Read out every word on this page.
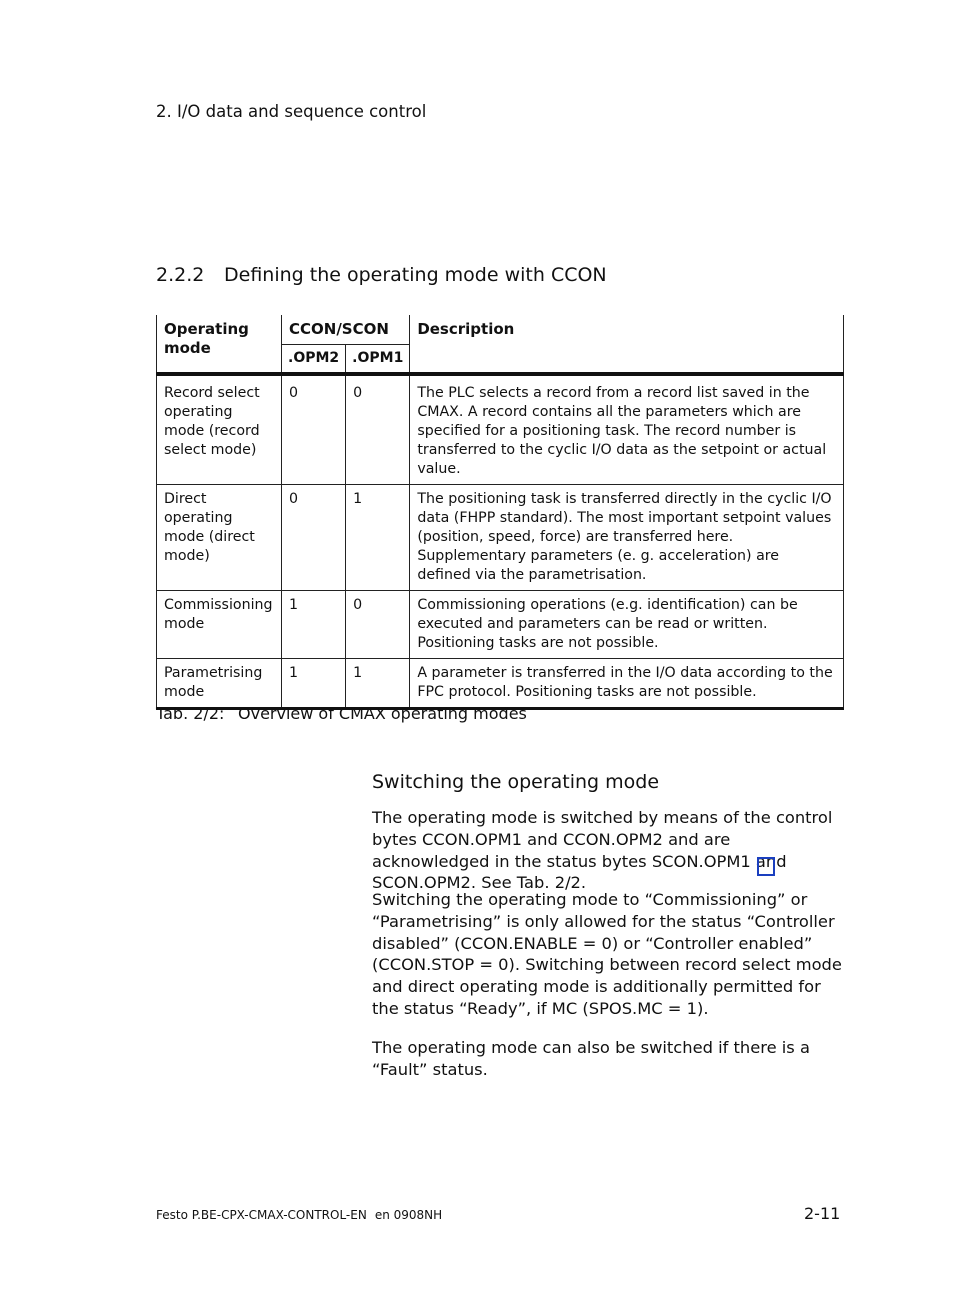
2. I/O data and sequence control
2.2.2 Defining the operating mode with CCON
Operating mode	CCON/SCON		Description
	.OPM2	.OPM1	
Record select operating mode (record select mode)	0	0	The PLC selects a record from a record list saved in the CMAX. A record contains all the parameters which are specified for a positioning task. The record number is transferred to the cyclic I/O data as the setpoint or actual value.
Direct operating mode (direct mode)	0	1	The positioning task is transferred directly in the cyclic I/O data (FHPP standard). The most important setpoint values (position, speed, force) are transferred here. Supplementary parameters (e. g. acceleration) are defined via the parametrisation.
Commissioning mode	1	0	Commissioning operations (e.g. identification) can be executed and parameters can be read or written. Positioning tasks are not possible.
Parametrising mode	1	1	A parameter is transferred in the I/O data according to the FPC protocol. Positioning tasks are not possible.
Tab. 2/2: Overview of CMAX operating modes
Switching the operating mode
The operating mode is switched by means of the control bytes CCON.OPM1 and CCON.OPM2 and are acknowledged in the status bytes SCON.OPM1 and SCON.OPM2. See Tab. 2/2.
Switching the operating mode to “Commissioning” or “Parametrising” is only allowed for the status “Controller disabled” (CCON.ENABLE = 0) or “Controller enabled” (CCON.STOP = 0). Switching between record select mode and direct operating mode is additionally permitted for the status “Ready”, if MC (SPOS.MC = 1).
The operating mode can also be switched if there is a “Fault” status.
Festo P.BE-CPX-CMAX-CONTROL-EN en 0908NH	2-11
